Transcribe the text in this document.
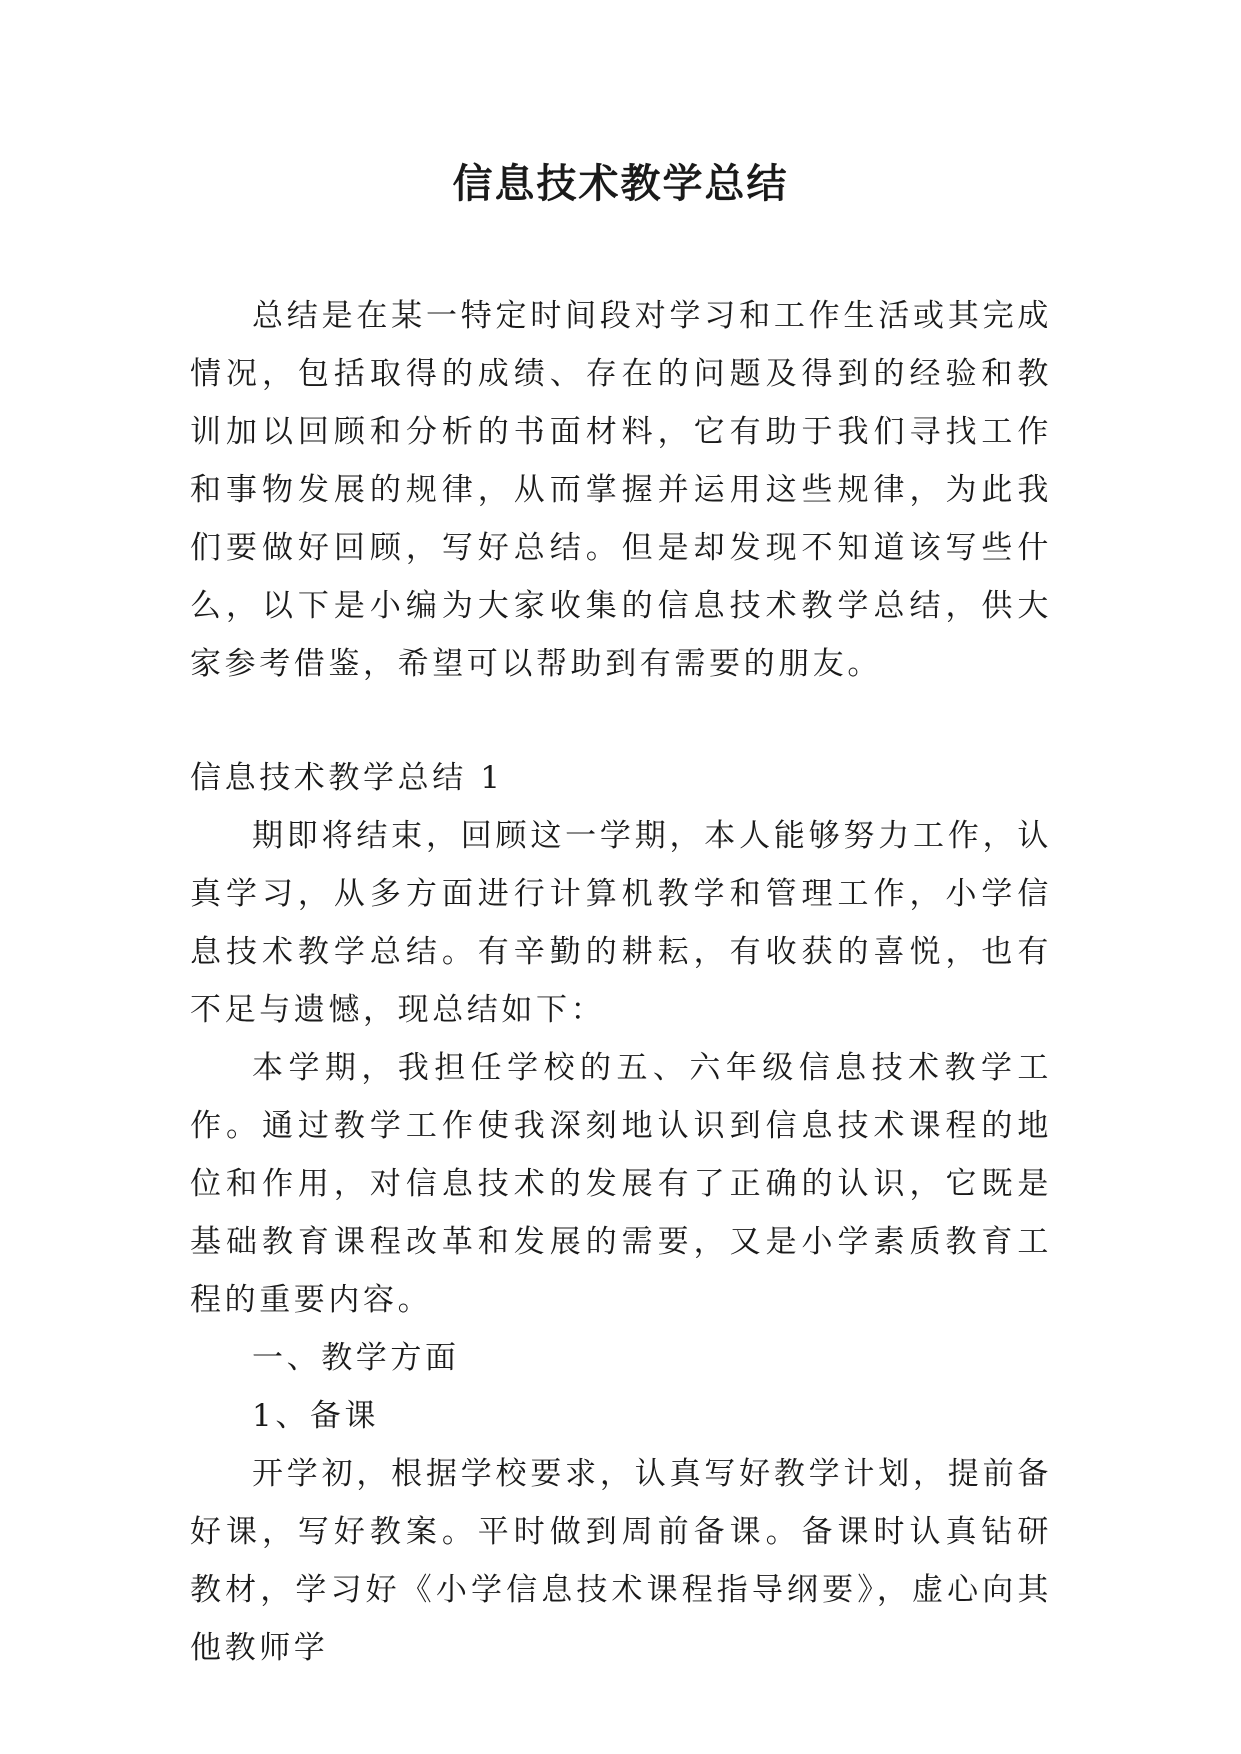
信息技术教学总结

总结是在某一特定时间段对学习和工作生活或其完成情况，包括取得的成绩、存在的问题及得到的经验和教训加以回顾和分析的书面材料，它有助于我们寻找工作和事物发展的规律，从而掌握并运用这些规律，为此我们要做好回顾，写好总结。但是却发现不知道该写些什么，以下是小编为大家收集的信息技术教学总结，供大家参考借鉴，希望可以帮助到有需要的朋友。

信息技术教学总结 1

期即将结束，回顾这一学期，本人能够努力工作，认真学习，从多方面进行计算机教学和管理工作，小学信息技术教学总结。有辛勤的耕耘，有收获的喜悦，也有不足与遗憾，现总结如下：

本学期，我担任学校的五、六年级信息技术教学工作。通过教学工作使我深刻地认识到信息技术课程的地位和作用，对信息技术的发展有了正确的认识，它既是基础教育课程改革和发展的需要，又是小学素质教育工程的重要内容。

一、教学方面

1、备课

开学初，根据学校要求，认真写好教学计划，提前备好课，写好教案。平时做到周前备课。备课时认真钻研教材，学习好《小学信息技术课程指导纲要》，虚心向其他教师学
